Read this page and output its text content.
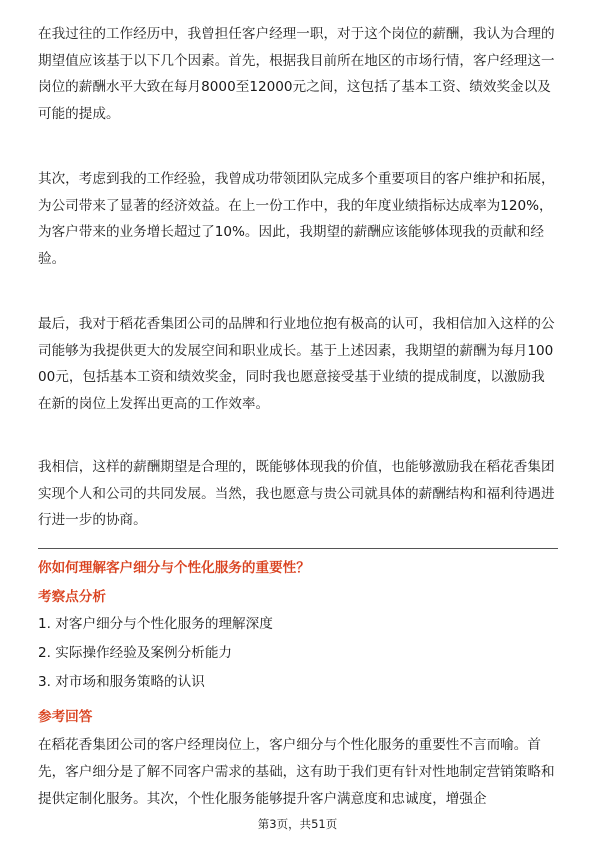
在我过往的工作经历中，我曾担任客户经理一职，对于这个岗位的薪酬，我认为合理的期望值应该基于以下几个因素。首先，根据我目前所在地区的市场行情，客户经理这一岗位的薪酬水平大致在每月8000至12000元之间，这包括了基本工资、绩效奖金以及可能的提成。

其次，考虑到我的工作经验，我曾成功带领团队完成多个重要项目的客户维护和拓展，为公司带来了显著的经济效益。在上一份工作中，我的年度业绩指标达成率为120%，为客户带来的业务增长超过了10%。因此，我期望的薪酬应该能够体现我的贡献和经验。

最后，我对于稻花香集团公司的品牌和行业地位抱有极高的认可，我相信加入这样的公司能够为我提供更大的发展空间和职业成长。基于上述因素，我期望的薪酬为每月10000元，包括基本工资和绩效奖金，同时我也愿意接受基于业绩的提成制度，以激励我在新的岗位上发挥出更高的工作效率。

我相信，这样的薪酬期望是合理的，既能够体现我的价值，也能够激励我在稻花香集团实现个人和公司的共同发展。当然，我也愿意与贵公司就具体的薪酬结构和福利待遇进行进一步的协商。

你如何理解客户细分与个性化服务的重要性？

考察点分析

1. 对客户细分与个性化服务的理解深度

2. 实际操作经验及案例分析能力

3. 对市场和服务策略的认识

参考回答

在稻花香集团公司的客户经理岗位上，客户细分与个性化服务的重要性不言而喻。首先，客户细分是了解不同客户需求的基础，这有助于我们更有针对性地制定营销策略和提供定制化服务。其次，个性化服务能够提升客户满意度和忠诚度，增强企

第3页，共51页
